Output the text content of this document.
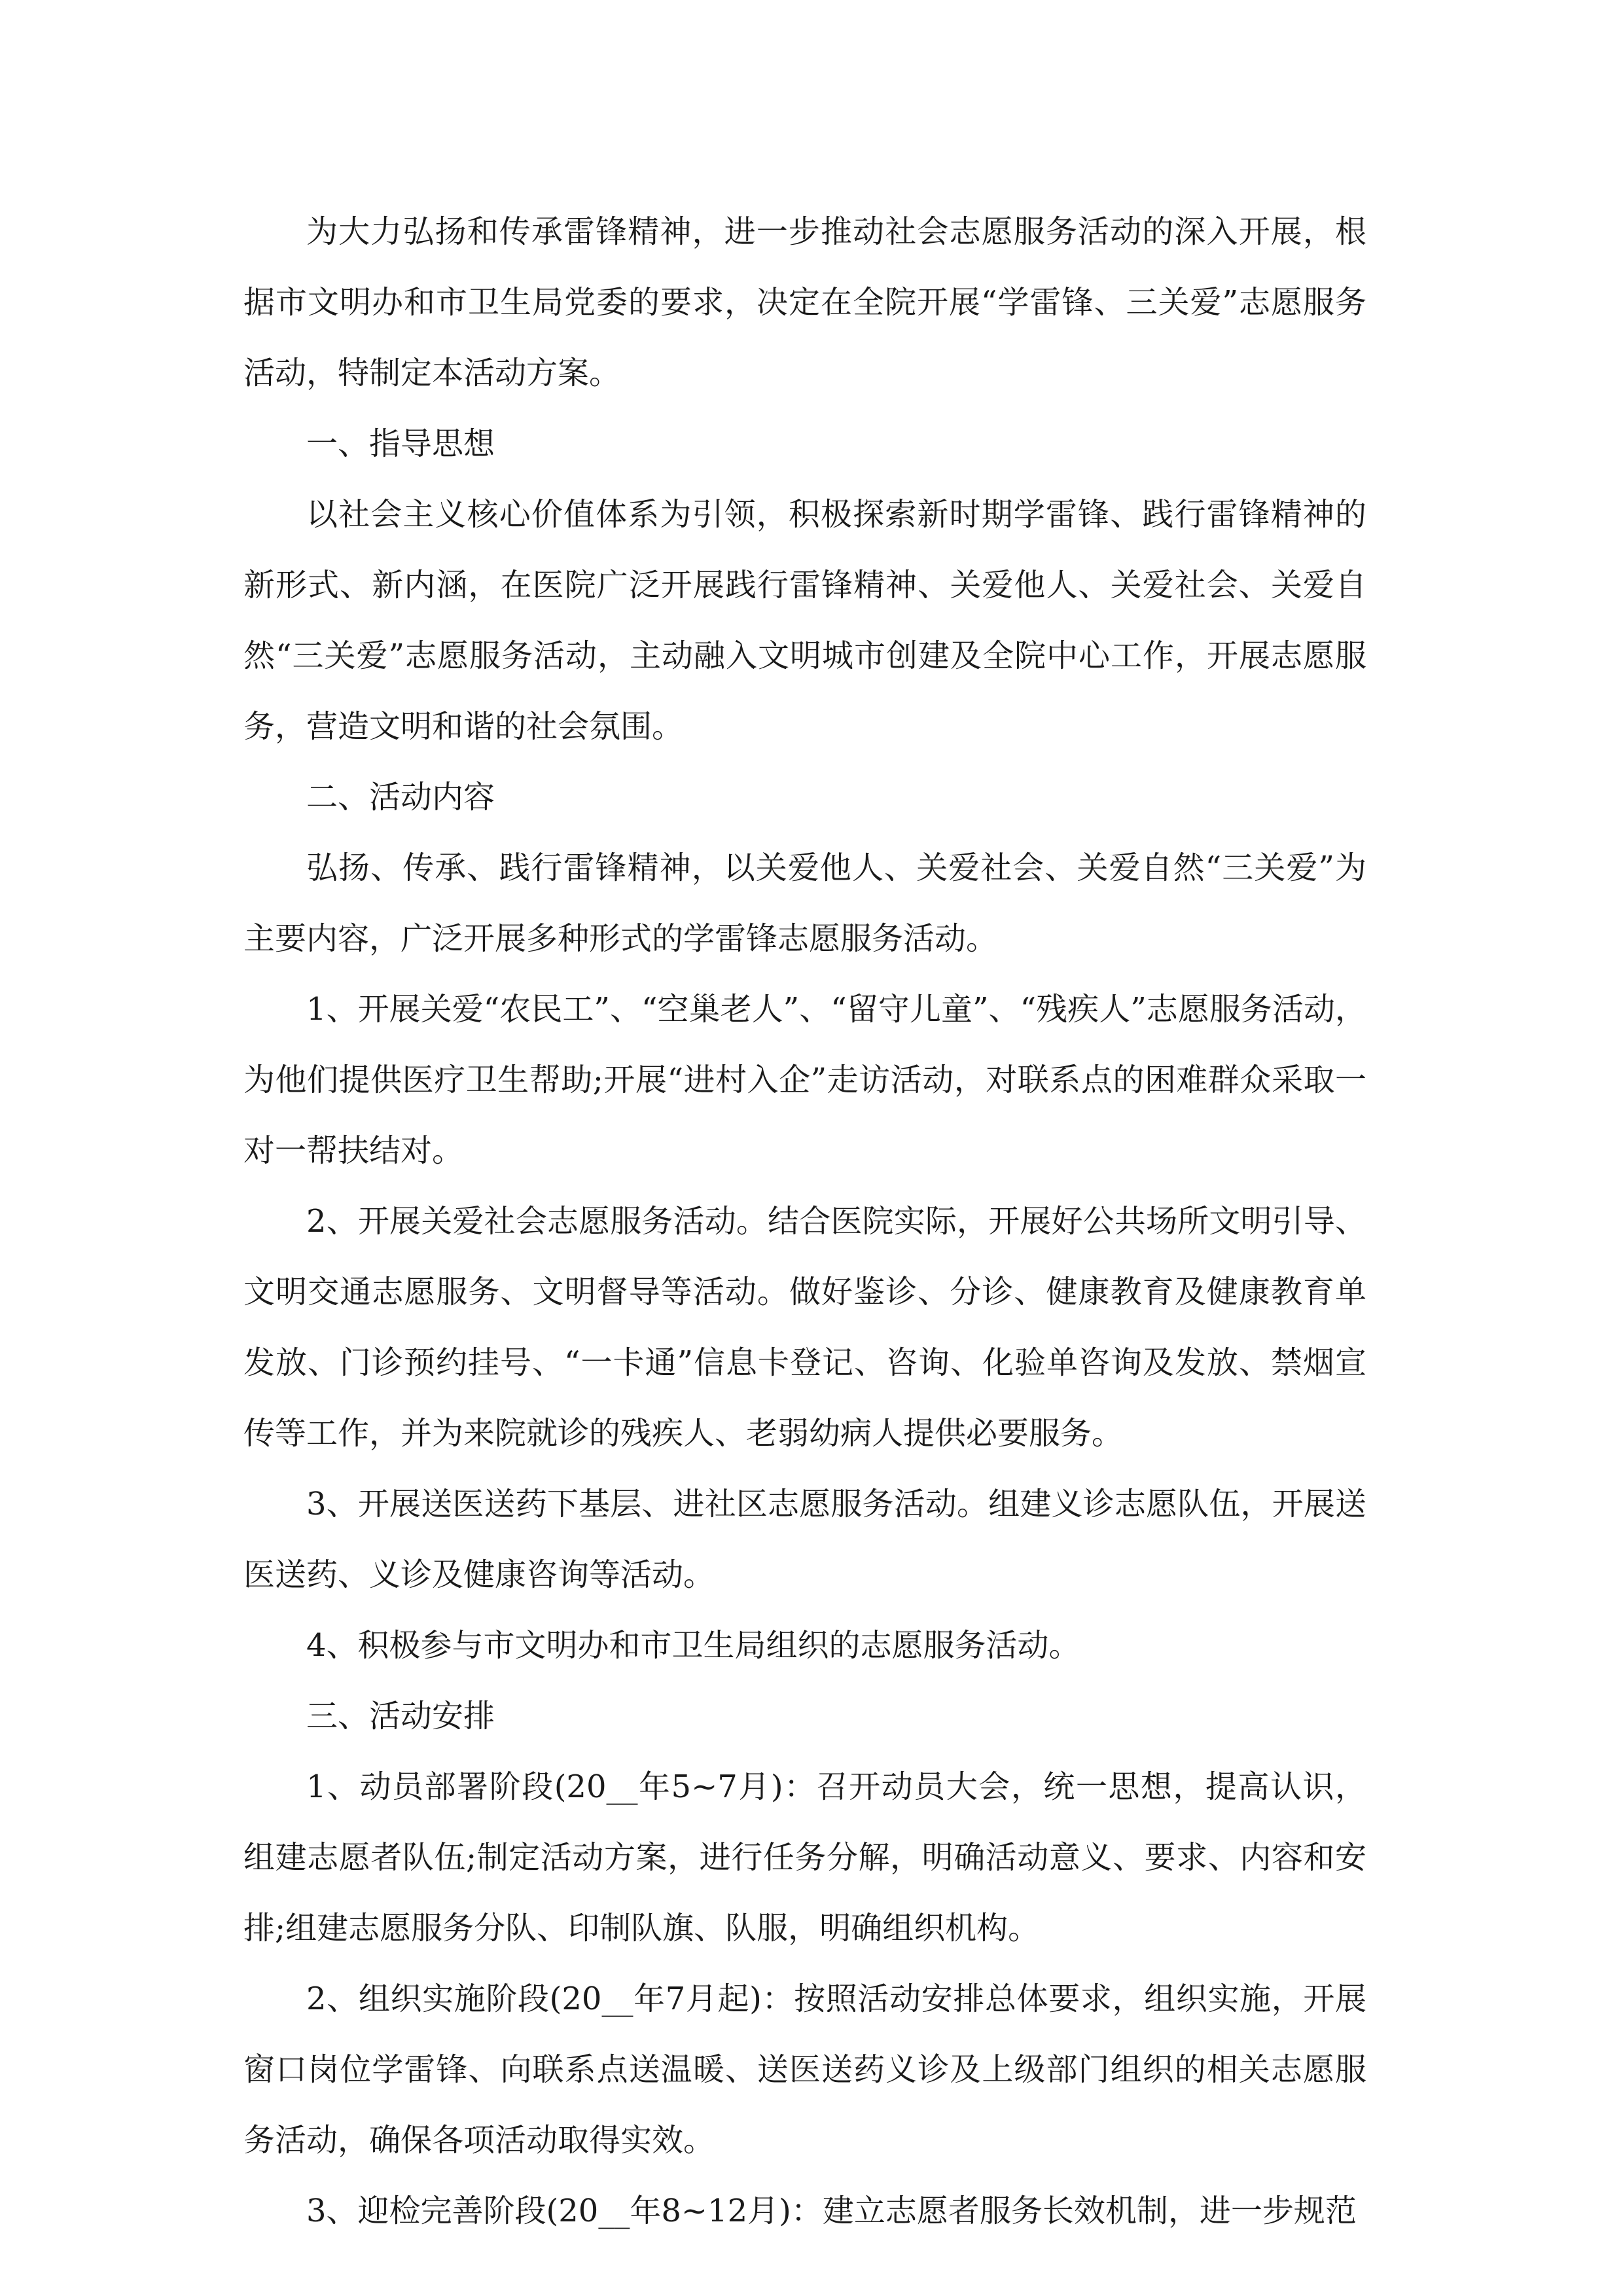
为大力弘扬和传承雷锋精神，进一步推动社会志愿服务活动的深入开展，根据市文明办和市卫生局党委的要求，决定在全院开展“学雷锋、三关爱”志愿服务活动，特制定本活动方案。

一、指导思想

以社会主义核心价值体系为引领，积极探索新时期学雷锋、践行雷锋精神的新形式、新内涵，在医院广泛开展践行雷锋精神、关爱他人、关爱社会、关爱自然“三关爱”志愿服务活动，主动融入文明城市创建及全院中心工作，开展志愿服务，营造文明和谐的社会氛围。

二、活动内容

弘扬、传承、践行雷锋精神，以关爱他人、关爱社会、关爱自然“三关爱”为主要内容，广泛开展多种形式的学雷锋志愿服务活动。

1、开展关爱“农民工”、“空巢老人”、“留守儿童”、“残疾人”志愿服务活动，为他们提供医疗卫生帮助;开展“进村入企”走访活动，对联系点的困难群众采取一对一帮扶结对。

2、开展关爱社会志愿服务活动。结合医院实际，开展好公共场所文明引导、文明交通志愿服务、文明督导等活动。做好鉴诊、分诊、健康教育及健康教育单发放、门诊预约挂号、“一卡通”信息卡登记、咨询、化验单咨询及发放、禁烟宣传等工作，并为来院就诊的残疾人、老弱幼病人提供必要服务。

3、开展送医送药下基层、进社区志愿服务活动。组建义诊志愿队伍，开展送医送药、义诊及健康咨询等活动。

4、积极参与市文明办和市卫生局组织的志愿服务活动。

三、活动安排

1、动员部署阶段(20__年5~7月)：召开动员大会，统一思想，提高认识，组建志愿者队伍;制定活动方案，进行任务分解，明确活动意义、要求、内容和安排;组建志愿服务分队、印制队旗、队服，明确组织机构。

2、组织实施阶段(20__年7月起)：按照活动安排总体要求，组织实施，开展窗口岗位学雷锋、向联系点送温暖、送医送药义诊及上级部门组织的相关志愿服务活动，确保各项活动取得实效。

3、迎检完善阶段(20__年8~12月)：建立志愿者服务长效机制，进一步规范
